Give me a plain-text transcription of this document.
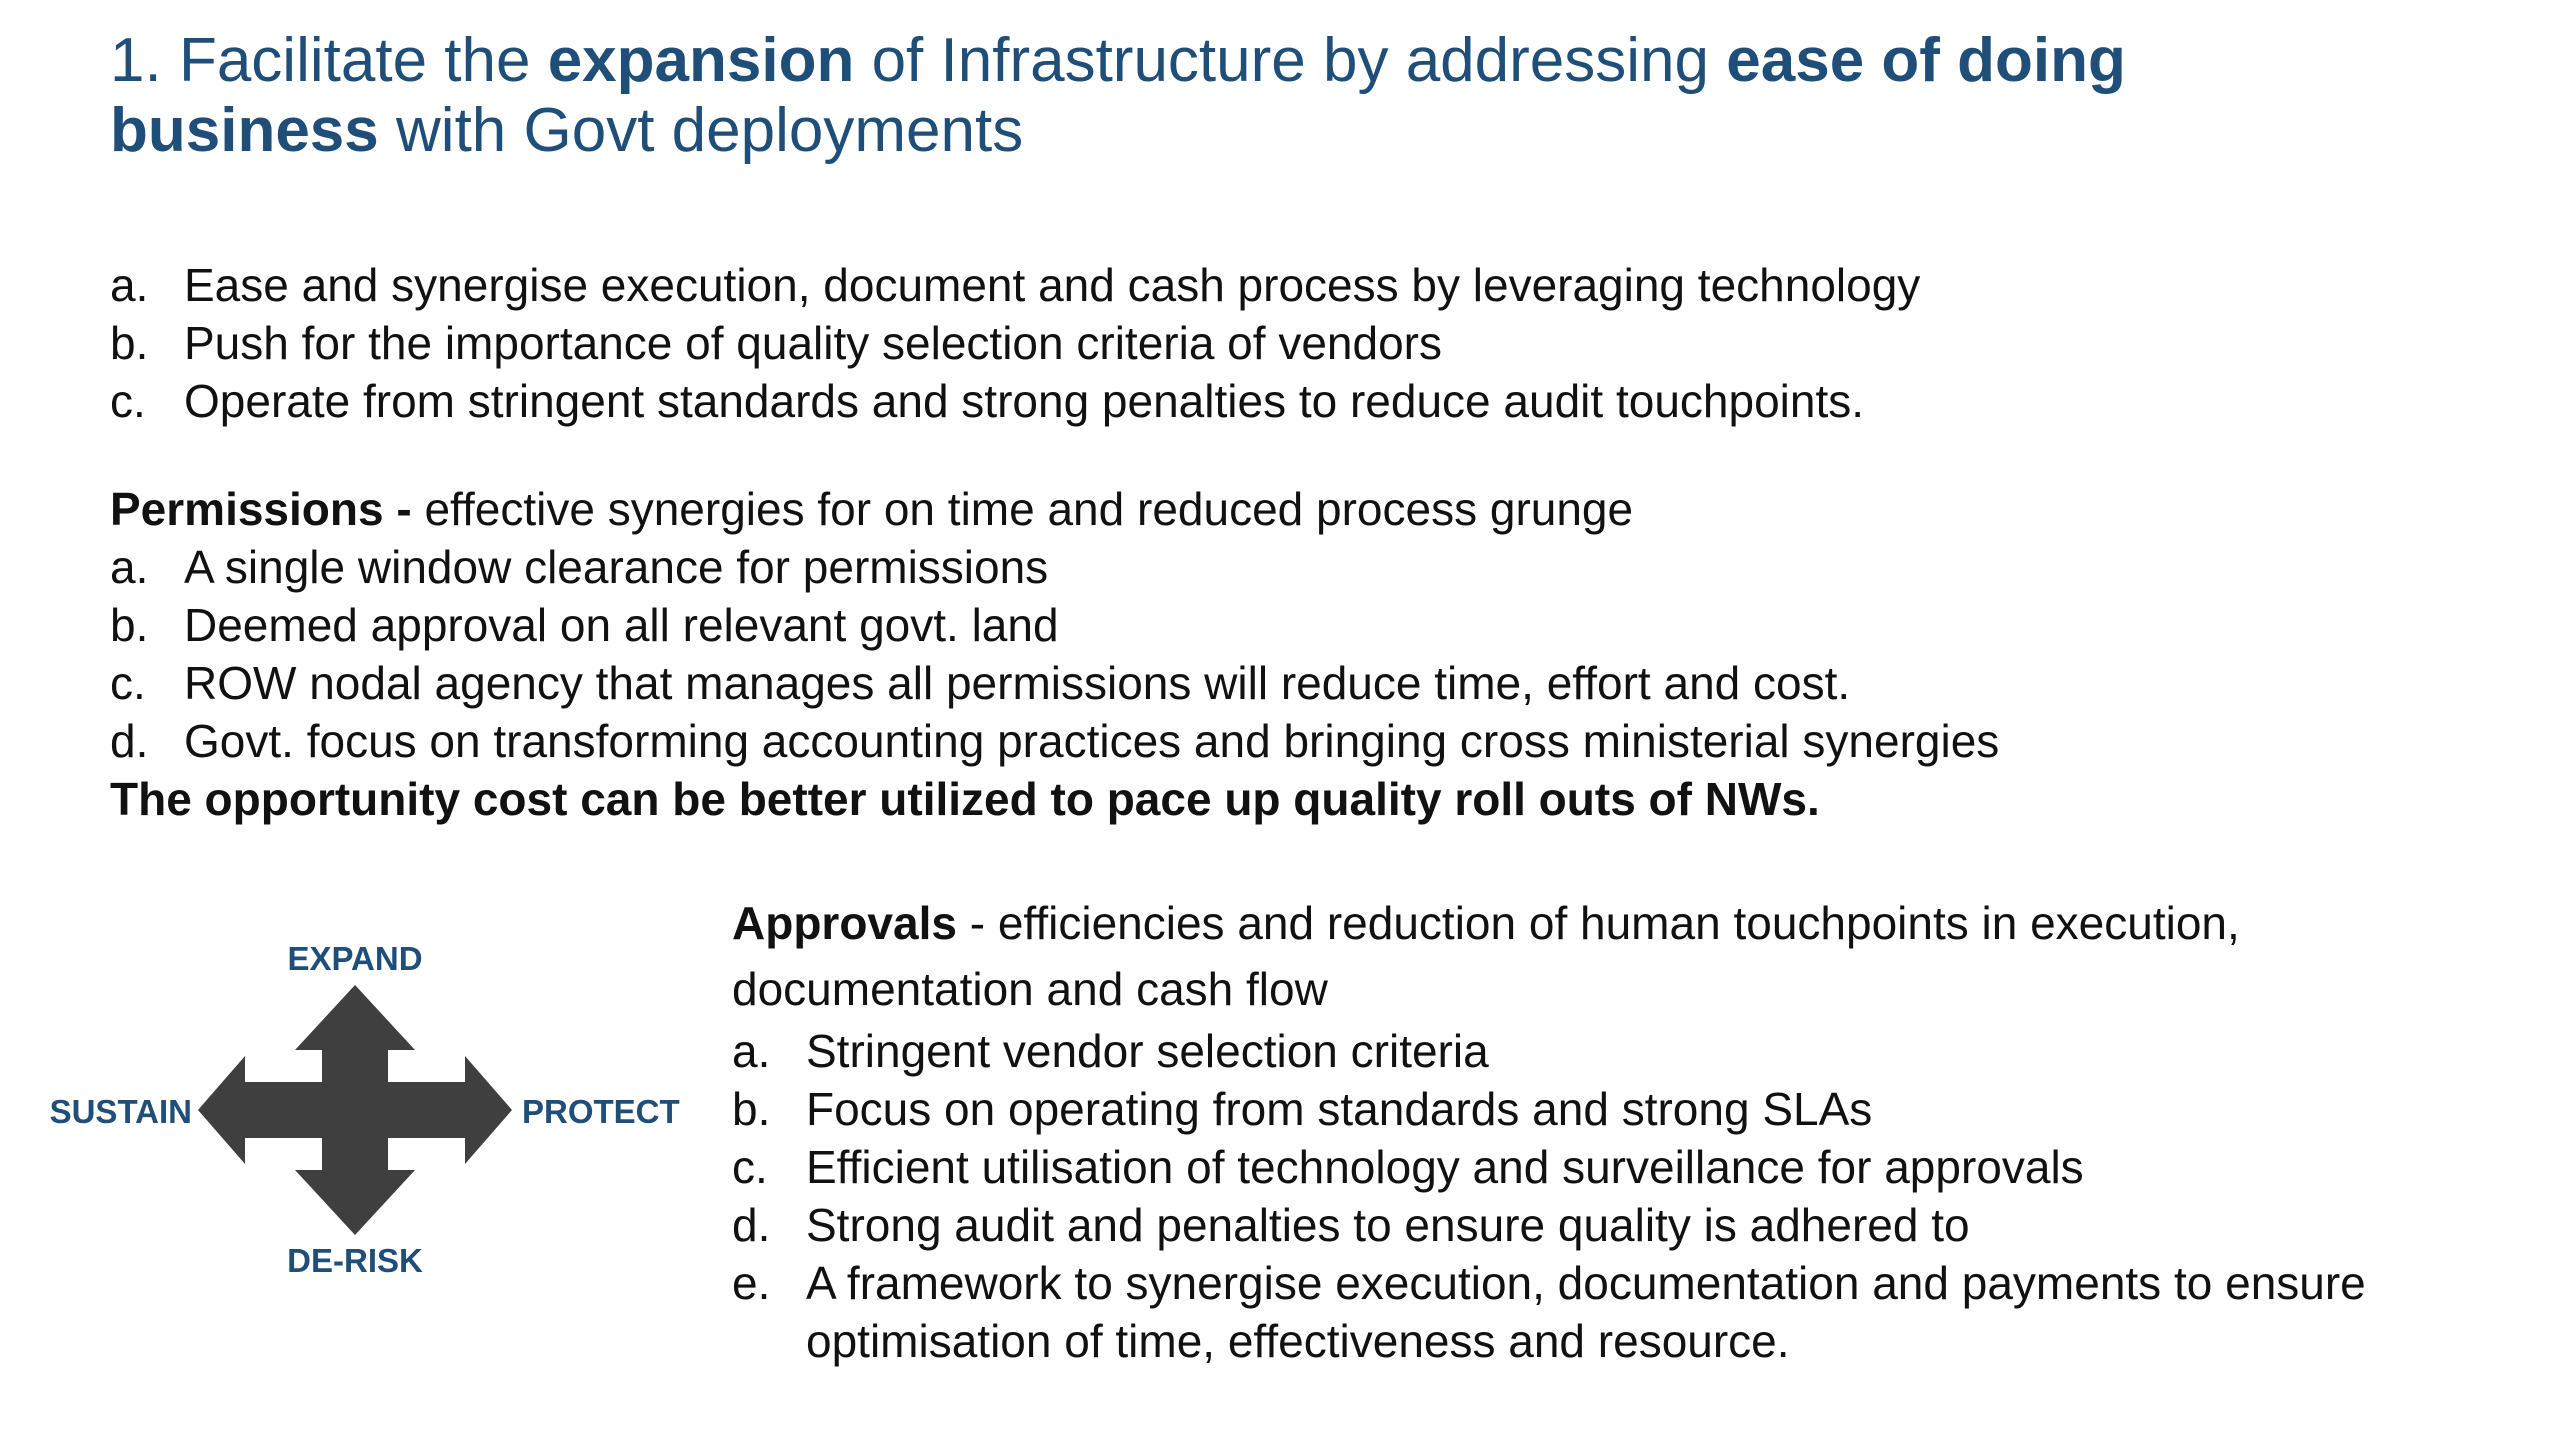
1. Facilitate the expansion of Infrastructure by addressing ease of doing business with Govt deployments
a. Ease and synergise execution, document and cash process by leveraging technology
b. Push for the importance of quality selection criteria of vendors
c. Operate from stringent standards and strong penalties to reduce audit touchpoints.
Permissions - effective synergies for on time and reduced process grunge
a. A single window clearance for permissions
b. Deemed approval on all relevant govt. land
c. ROW nodal agency that manages all permissions will reduce time, effort and cost.
d. Govt. focus on transforming accounting practices and bringing cross ministerial synergies
The opportunity cost can be better utilized to pace up quality roll outs of NWs.
EXPAND
SUSTAIN	PROTECT
DE-RISK
Approvals - efficiencies and reduction of human touchpoints in execution, documentation and cash flow
a. Stringent vendor selection criteria
b. Focus on operating from standards and strong SLAs
c. Efficient utilisation of technology and surveillance for approvals
d. Strong audit and penalties to ensure quality is adhered to
e. A framework to synergise execution, documentation and payments to ensure optimisation of time, effectiveness and resource.
